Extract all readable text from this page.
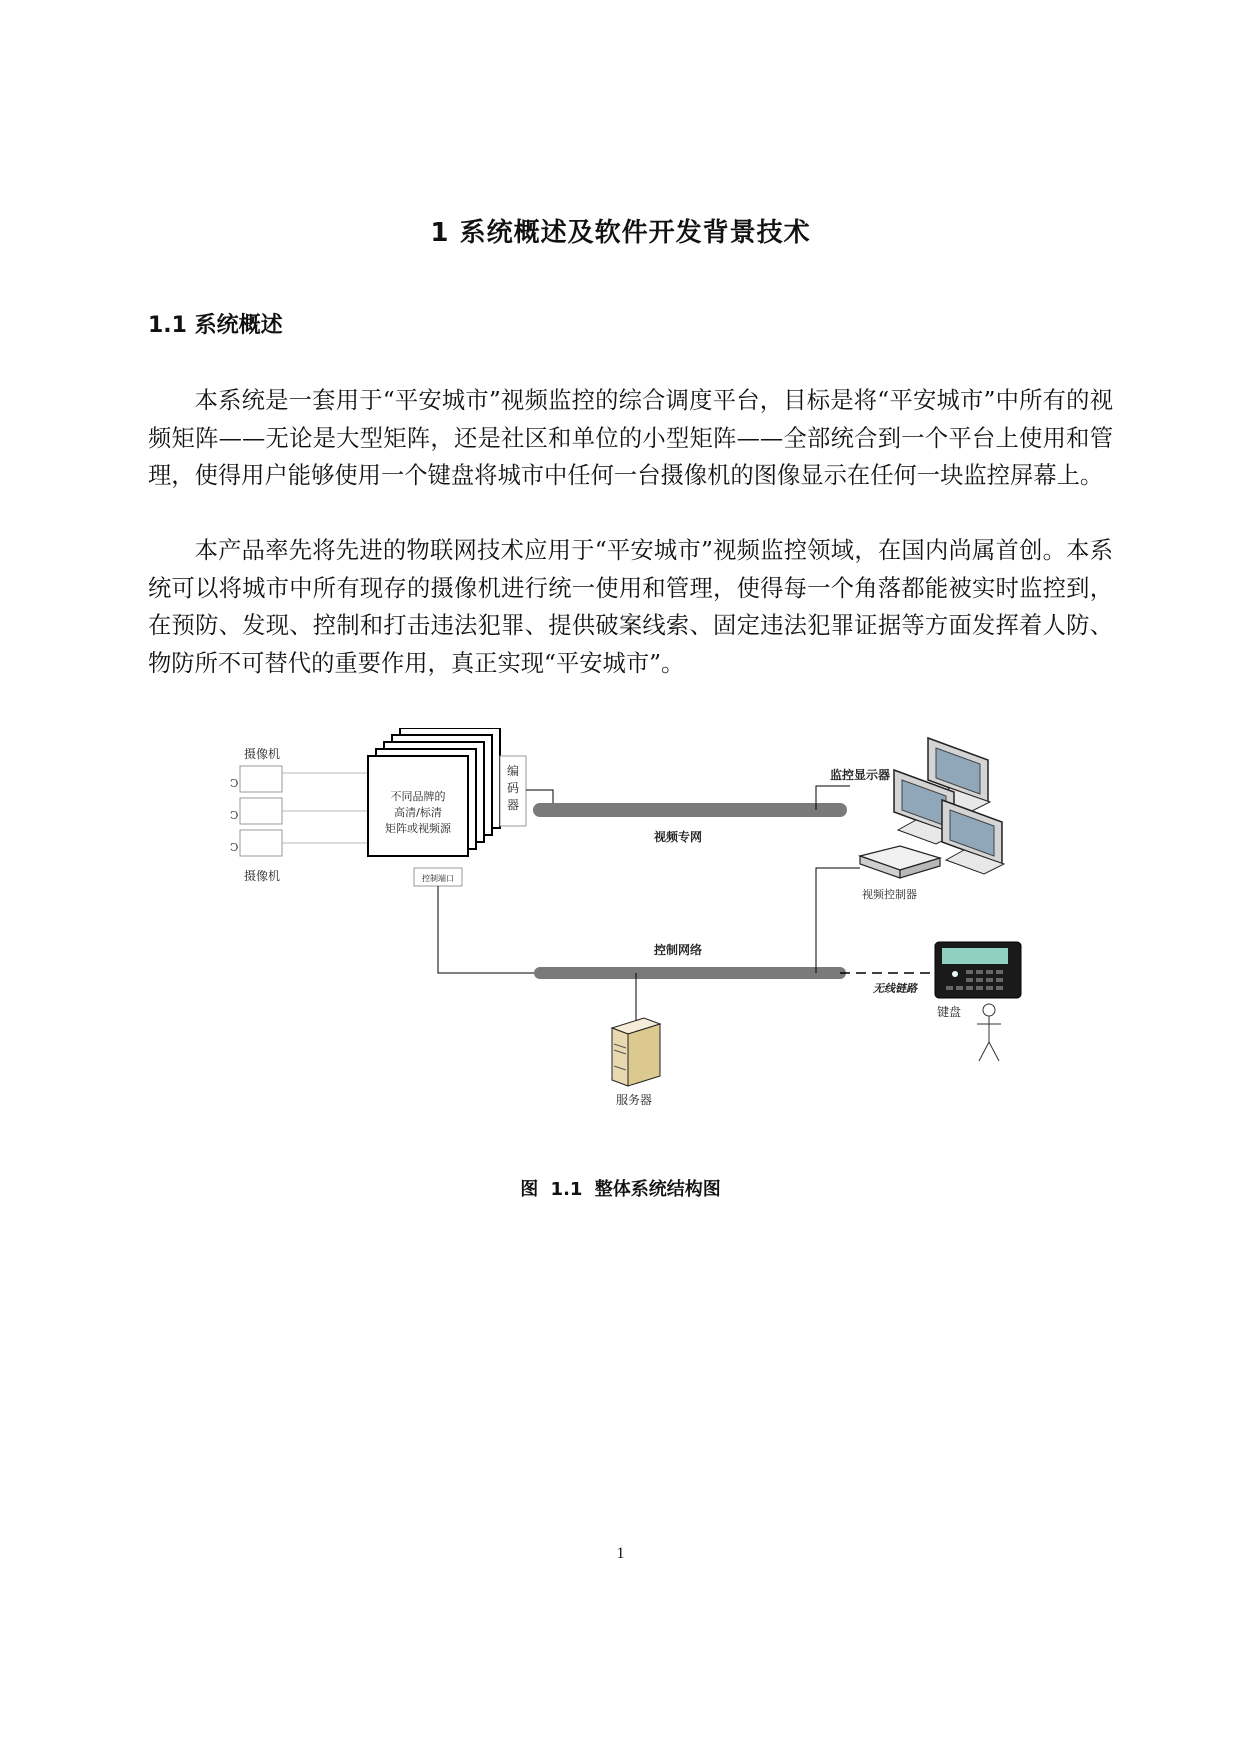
1 系统概述及软件开发背景技术
1.1 系统概述
本系统是一套用于“平安城市”视频监控的综合调度平台，目标是将“平安城市”中所有的视频矩阵——无论是大型矩阵，还是社区和单位的小型矩阵——全部统合到一个平台上使用和管理，使得用户能够使用一个键盘将城市中任何一台摄像机的图像显示在任何一块监控屏幕上。
本产品率先将先进的物联网技术应用于“平安城市”视频监控领域，在国内尚属首创。本系统可以将城市中所有现存的摄像机进行统一使用和管理，使得每一个角落都能被实时监控到，在预防、发现、控制和打击违法犯罪、提供破案线索、固定违法犯罪证据等方面发挥着人防、物防所不可替代的重要作用，真正实现“平安城市”。
摄像机
Ͻ
Ͻ
Ͻ
摄像机
不同品牌的
高清/标清
矩阵或视频源
编
码
器
控制端口
视频专网
控制网络
无线链路
监控显示器
视频控制器
键盘
服务器
图 1.1 整体系统结构图
1
